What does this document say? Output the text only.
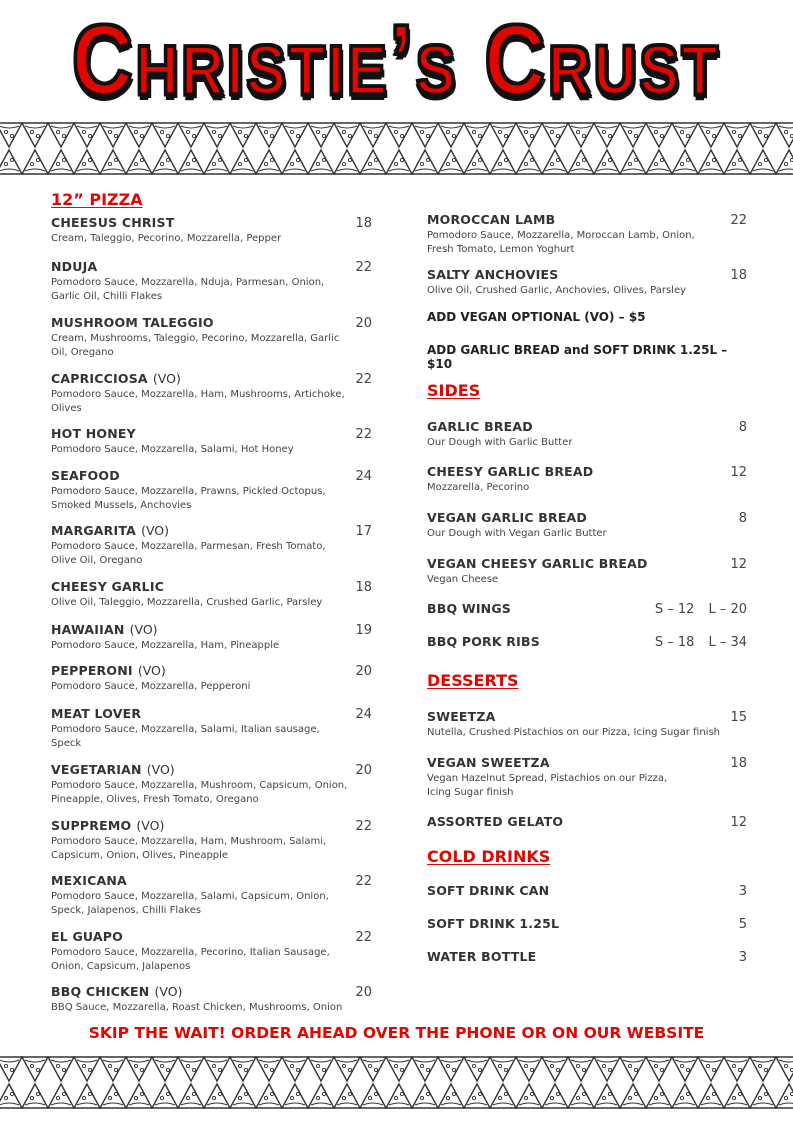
Christie’s Crust
12” PIZZA
CHEESUS CHRIST	18
Cream, Taleggio, Pecorino, Mozzarella, Pepper
NDUJA	22
Pomodoro Sauce, Mozzarella, Nduja, Parmesan, Onion, Garlic Oil, Chilli Flakes
MUSHROOM TALEGGIO	20
Cream, Mushrooms, Taleggio, Pecorino, Mozzarella, Garlic Oil, Oregano
CAPRICCIOSA (VO)	22
Pomodoro Sauce, Mozzarella, Ham, Mushrooms, Artichoke, Olives
HOT HONEY	22
Pomodoro Sauce, Mozzarella, Salami, Hot Honey
SEAFOOD	24
Pomodoro Sauce, Mozzarella, Prawns, Pickled Octopus, Smoked Mussels, Anchovies
MARGARITA (VO)	17
Pomodoro Sauce, Mozzarella, Parmesan, Fresh Tomato, Olive Oil, Oregano
CHEESY GARLIC	18
Olive Oil, Taleggio, Mozzarella, Crushed Garlic, Parsley
HAWAIIAN (VO)	19
Pomodoro Sauce, Mozzarella, Ham, Pineapple
PEPPERONI (VO)	20
Pomodoro Sauce, Mozzarella, Pepperoni
MEAT LOVER	24
Pomodoro Sauce, Mozzarella, Salami, Italian sausage, Speck
VEGETARIAN (VO)	20
Pomodoro Sauce, Mozzarella, Mushroom, Capsicum, Onion, Pineapple, Olives, Fresh Tomato, Oregano
SUPPREMO (VO)	22
Pomodoro Sauce, Mozzarella, Ham, Mushroom, Salami, Capsicum, Onion, Olives, Pineapple
MEXICANA	22
Pomodoro Sauce, Mozzarella, Salami, Capsicum, Onion, Speck, Jalapenos, Chilli Flakes
EL GUAPO	22
Pomodoro Sauce, Mozzarella, Pecorino, Italian Sausage, Onion, Capsicum, Jalapenos
BBQ CHICKEN (VO)	20
BBQ Sauce, Mozzarella, Roast Chicken, Mushrooms, Onion
MOROCCAN LAMB	22
Pomodoro Sauce, Mozzarella, Moroccan Lamb, Onion, Fresh Tomato, Lemon Yoghurt
SALTY ANCHOVIES	18
Olive Oil, Crushed Garlic, Anchovies, Olives, Parsley
ADD VEGAN OPTIONAL (VO) – $5
ADD GARLIC BREAD and SOFT DRINK 1.25L – $10
SIDES
GARLIC BREAD	8
Our Dough with Garlic Butter
CHEESY GARLIC BREAD	12
Mozzarella, Pecorino
VEGAN GARLIC BREAD	8
Our Dough with Vegan Garlic Butter
VEGAN CHEESY GARLIC BREAD	12
Vegan Cheese
BBQ WINGS	S – 12 L – 20
BBQ PORK RIBS	S – 18 L – 34
DESSERTS
SWEETZA	15
Nutella, Crushed Pistachios on our Pizza, Icing Sugar finish
VEGAN SWEETZA	18
Vegan Hazelnut Spread, Pistachios on our Pizza, Icing Sugar finish
ASSORTED GELATO	12
COLD DRINKS
SOFT DRINK CAN	3
SOFT DRINK 1.25L	5
WATER BOTTLE	3
SKIP THE WAIT! ORDER AHEAD OVER THE PHONE OR ON OUR WEBSITE
